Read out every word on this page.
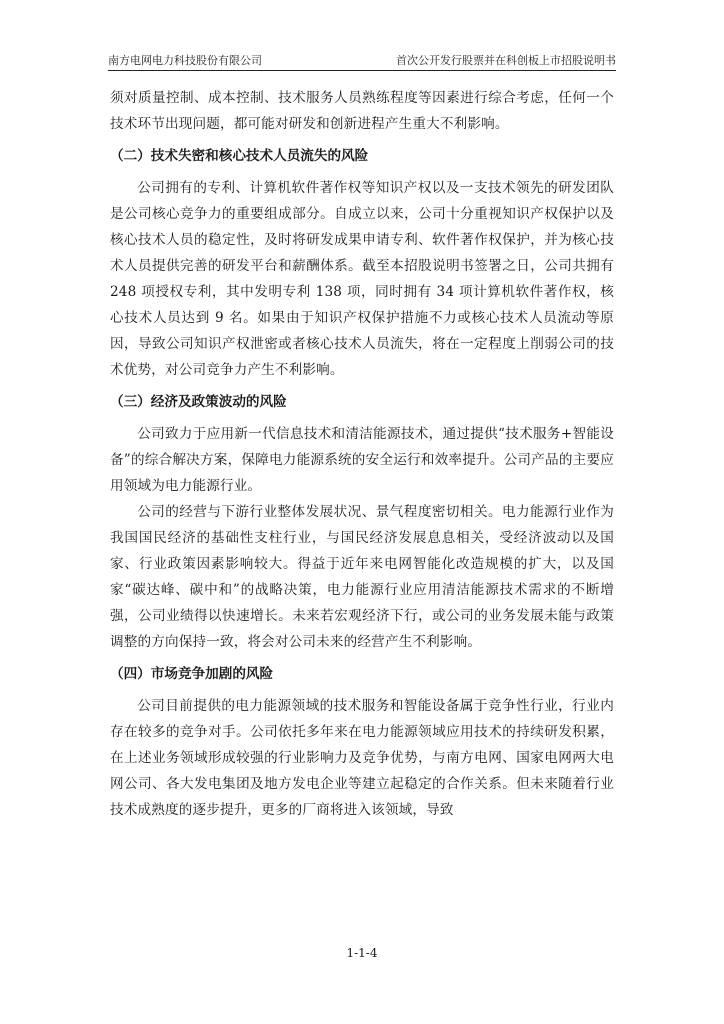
南方电网电力科技股份有限公司	首次公开发行股票并在科创板上市招股说明书

须对质量控制、成本控制、技术服务人员熟练程度等因素进行综合考虑，任何一个技术环节出现问题，都可能对研发和创新进程产生重大不利影响。

（二）技术失密和核心技术人员流失的风险

公司拥有的专利、计算机软件著作权等知识产权以及一支技术领先的研发团队是公司核心竞争力的重要组成部分。自成立以来，公司十分重视知识产权保护以及核心技术人员的稳定性，及时将研发成果申请专利、软件著作权保护，并为核心技术人员提供完善的研发平台和薪酬体系。截至本招股说明书签署之日，公司共拥有 248 项授权专利，其中发明专利 138 项，同时拥有 34 项计算机软件著作权，核心技术人员达到 9 名。如果由于知识产权保护措施不力或核心技术人员流动等原因，导致公司知识产权泄密或者核心技术人员流失，将在一定程度上削弱公司的技术优势，对公司竞争力产生不利影响。

（三）经济及政策波动的风险

公司致力于应用新一代信息技术和清洁能源技术，通过提供“技术服务+智能设备”的综合解决方案，保障电力能源系统的安全运行和效率提升。公司产品的主要应用领域为电力能源行业。

公司的经营与下游行业整体发展状况、景气程度密切相关。电力能源行业作为我国国民经济的基础性支柱行业，与国民经济发展息息相关，受经济波动以及国家、行业政策因素影响较大。得益于近年来电网智能化改造规模的扩大，以及国家“碳达峰、碳中和”的战略决策，电力能源行业应用清洁能源技术需求的不断增强，公司业绩得以快速增长。未来若宏观经济下行，或公司的业务发展未能与政策调整的方向保持一致，将会对公司未来的经营产生不利影响。

（四）市场竞争加剧的风险

公司目前提供的电力能源领域的技术服务和智能设备属于竞争性行业，行业内存在较多的竞争对手。公司依托多年来在电力能源领域应用技术的持续研发积累，在上述业务领域形成较强的行业影响力及竞争优势，与南方电网、国家电网两大电网公司、各大发电集团及地方发电企业等建立起稳定的合作关系。但未来随着行业技术成熟度的逐步提升，更多的厂商将进入该领域，导致

1-1-4
